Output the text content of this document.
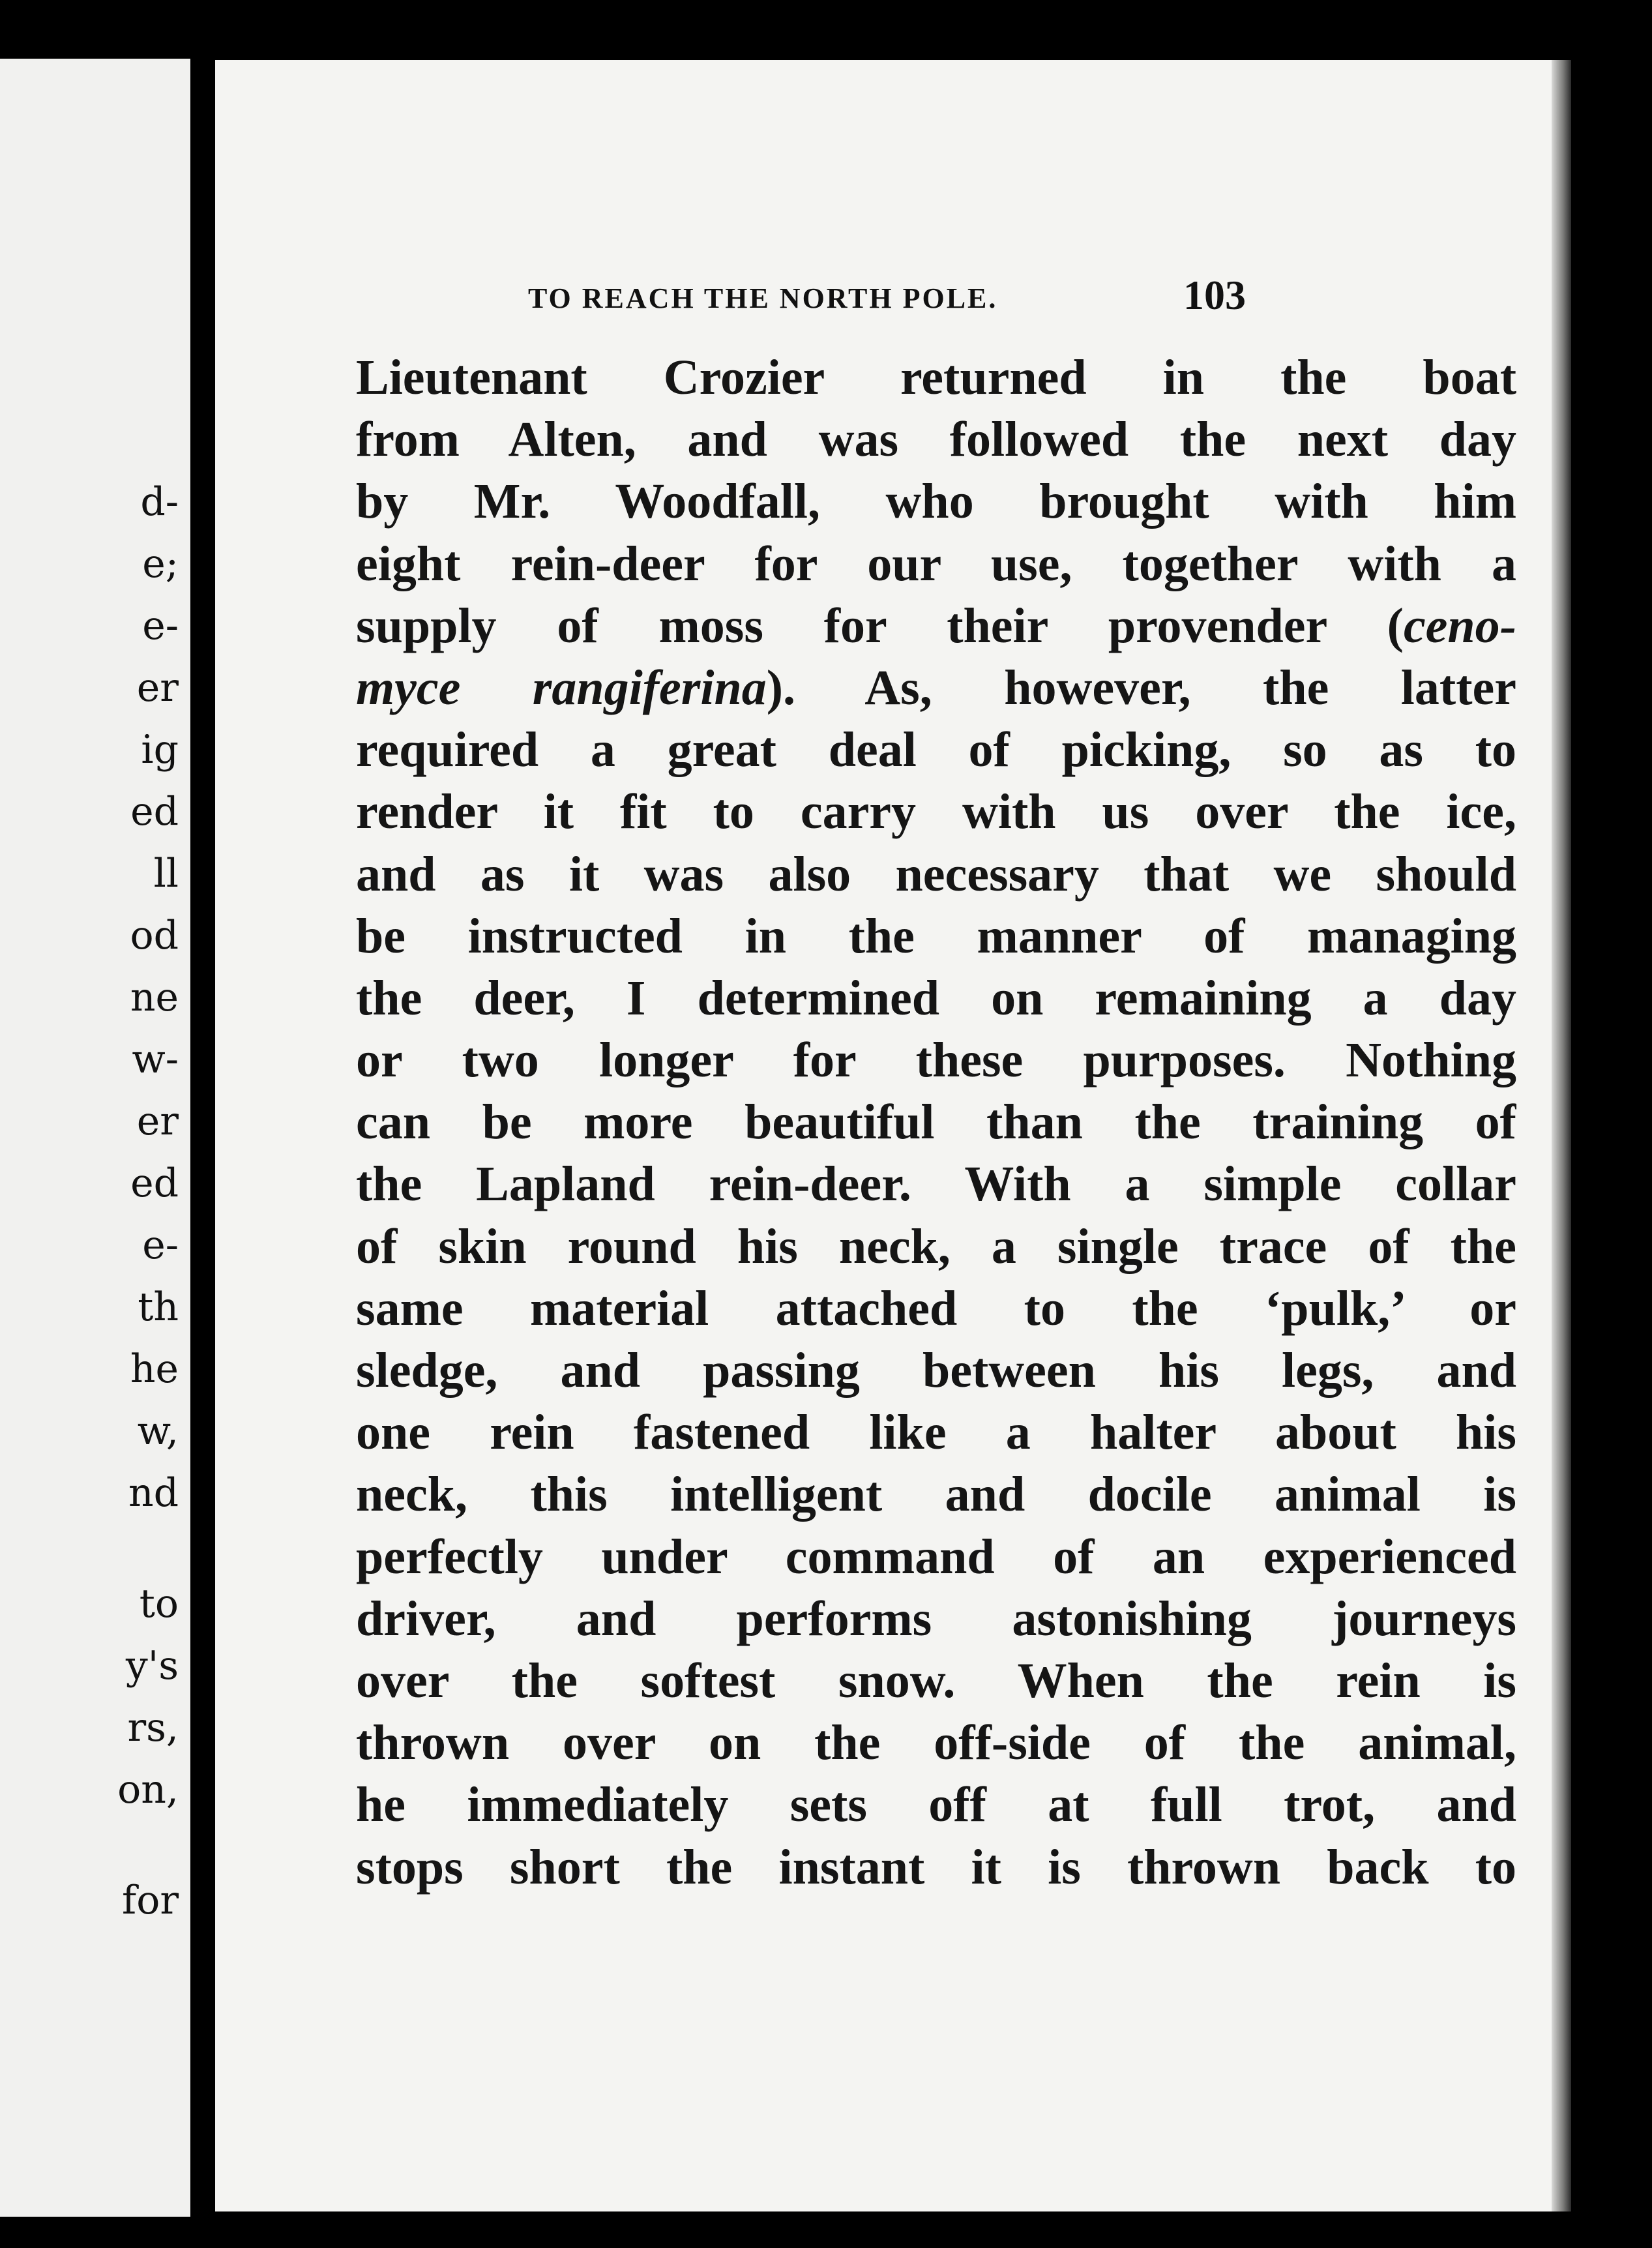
d-
e;
e-
er
ig
ed
ll
od
ne
w-
er
ed
e-
th
he
w,
nd
to
y's
rs,
on,
for
TO REACH THE NORTH POLE.	103
Lieutenant Crozier returned in the boat
from Alten, and was followed the next day
by Mr. Woodfall, who brought with him
eight rein-deer for our use, together with a
supply of moss for their provender (ceno-
myce rangiferina). As, however, the latter
required a great deal of picking, so as to
render it fit to carry with us over the ice,
and as it was also necessary that we should
be instructed in the manner of managing
the deer, I determined on remaining a day
or two longer for these purposes. Nothing
can be more beautiful than the training of
the Lapland rein-deer. With a simple collar
of skin round his neck, a single trace of the
same material attached to the ‘pulk,’ or
sledge, and passing between his legs, and
one rein fastened like a halter about his
neck, this intelligent and docile animal is
perfectly under command of an experienced
driver, and performs astonishing journeys
over the softest snow. When the rein is
thrown over on the off-side of the animal,
he immediately sets off at full trot, and
stops short the instant it is thrown back to
